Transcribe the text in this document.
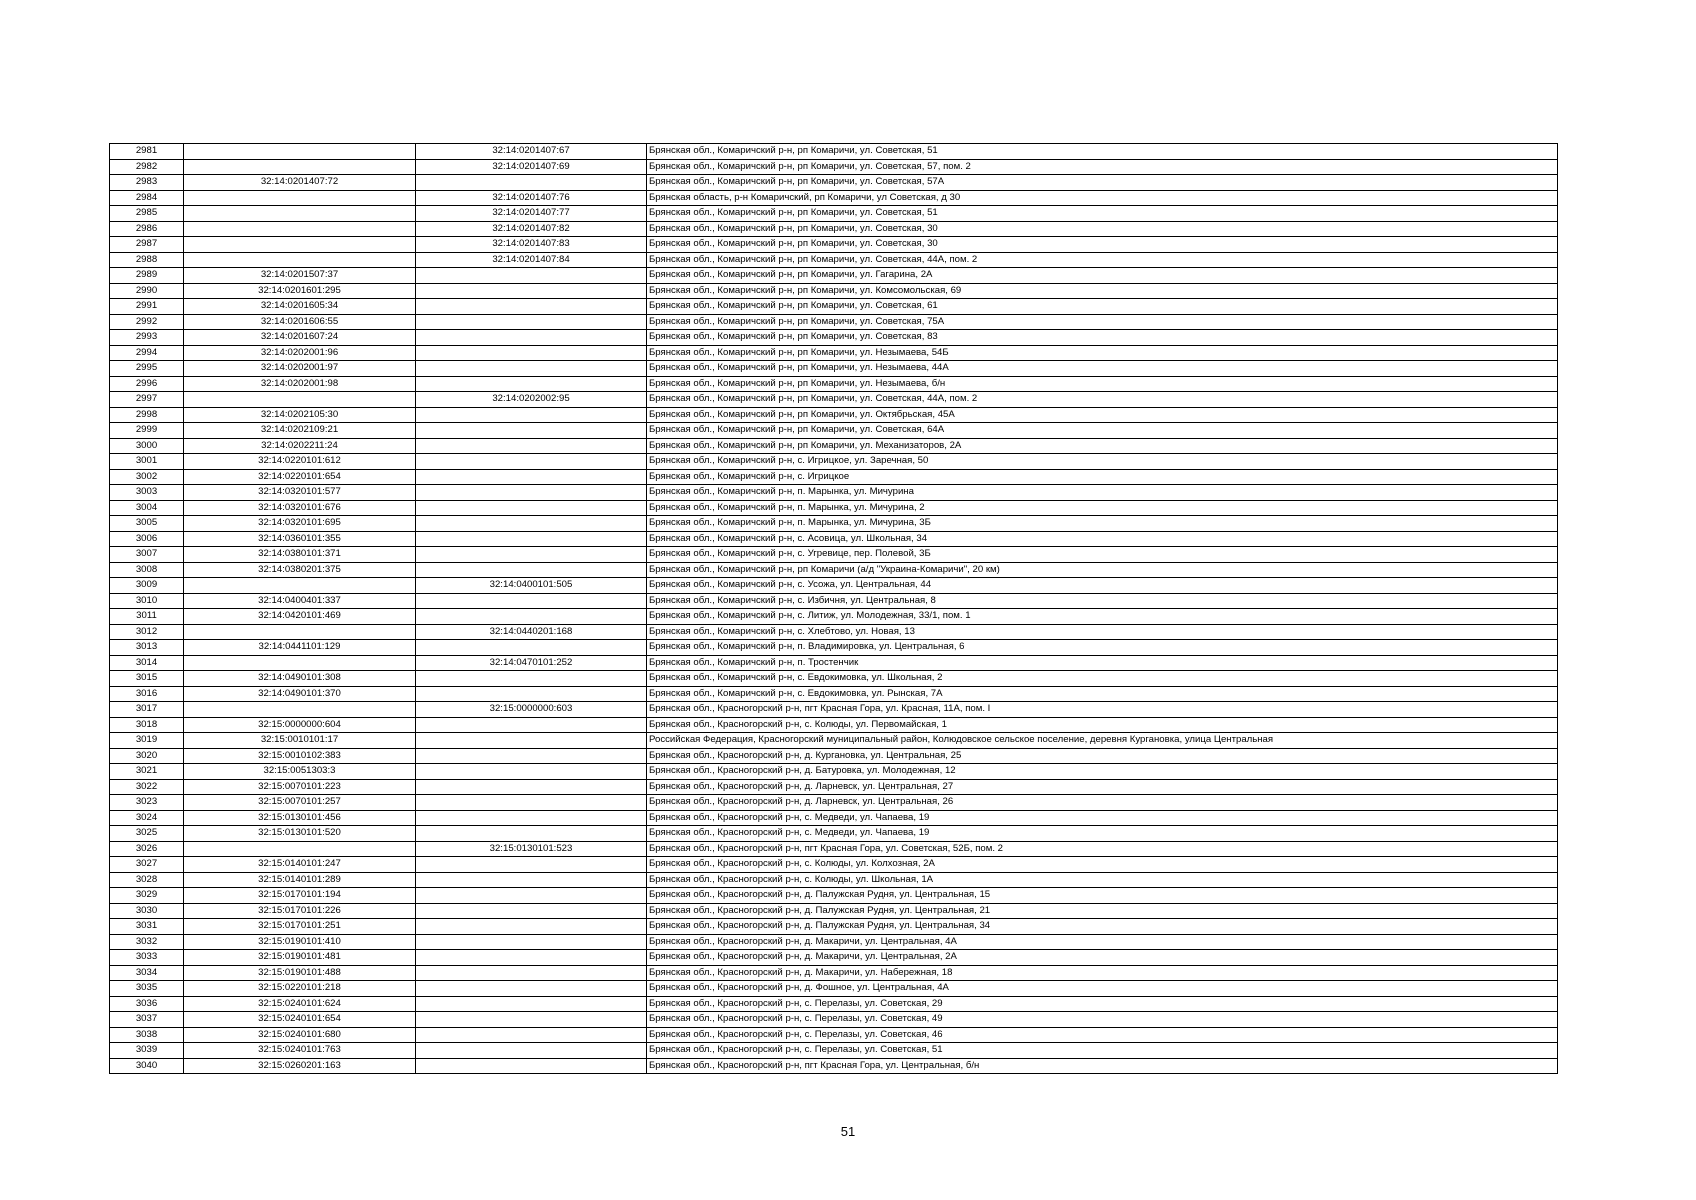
2981		32:14:0201407:67	Брянская обл., Комаричский р-н, рп Комаричи, ул. Советская, 51
2982		32:14:0201407:69	Брянская обл., Комаричский р-н, рп Комаричи, ул. Советская, 57, пом. 2
2983	32:14:0201407:72		Брянская обл., Комаричский р-н, рп Комаричи, ул. Советская, 57А
2984		32:14:0201407:76	Брянская область, р-н Комаричский, рп Комаричи, ул Советская, д 30
2985		32:14:0201407:77	Брянская обл., Комаричский р-н, рп Комаричи, ул. Советская, 51
2986		32:14:0201407:82	Брянская обл., Комаричский р-н, рп Комаричи, ул. Советская, 30
2987		32:14:0201407:83	Брянская обл., Комаричский р-н, рп Комаричи, ул. Советская, 30
2988		32:14:0201407:84	Брянская обл., Комаричский р-н, рп Комаричи, ул. Советская, 44А, пом. 2
2989	32:14:0201507:37		Брянская обл., Комаричский р-н, рп Комаричи, ул. Гагарина, 2А
2990	32:14:0201601:295		Брянская обл., Комаричский р-н, рп Комаричи, ул. Комсомольская, 69
2991	32:14:0201605:34		Брянская обл., Комаричский р-н, рп Комаричи, ул. Советская, 61
2992	32:14:0201606:55		Брянская обл., Комаричский р-н, рп Комаричи, ул. Советская, 75А
2993	32:14:0201607:24		Брянская обл., Комаричский р-н, рп Комаричи, ул. Советская, 83
2994	32:14:0202001:96		Брянская обл., Комаричский р-н, рп Комаричи, ул. Незымаева, 54Б
2995	32:14:0202001:97		Брянская обл., Комаричский р-н, рп Комаричи, ул. Незымаева, 44А
2996	32:14:0202001:98		Брянская обл., Комаричский р-н, рп Комаричи, ул. Незымаева, б/н
2997		32:14:0202002:95	Брянская обл., Комаричский р-н, рп Комаричи, ул. Советская, 44А, пом. 2
2998	32:14:0202105:30		Брянская обл., Комаричский р-н, рп Комаричи, ул. Октябрьская, 45А
2999	32:14:0202109:21		Брянская обл., Комаричский р-н, рп Комаричи, ул. Советская, 64А
3000	32:14:0202211:24		Брянская обл., Комаричский р-н, рп Комаричи, ул. Механизаторов, 2А
3001	32:14:0220101:612		Брянская обл., Комаричский р-н, с. Игрицкое, ул. Заречная, 50
3002	32:14:0220101:654		Брянская обл., Комаричский р-н, с. Игрицкое
3003	32:14:0320101:577		Брянская обл., Комаричский р-н, п. Марынка, ул. Мичурина
3004	32:14:0320101:676		Брянская обл., Комаричский р-н, п. Марынка, ул. Мичурина, 2
3005	32:14:0320101:695		Брянская обл., Комаричский р-н, п. Марынка, ул. Мичурина, 3Б
3006	32:14:0360101:355		Брянская обл., Комаричский р-н, с. Асовица, ул. Школьная, 34
3007	32:14:0380101:371		Брянская обл., Комаричский р-н, с. Угревице, пер. Полевой, 3Б
3008	32:14:0380201:375		Брянская обл., Комаричский р-н, рп Комаричи (а/д "Украина-Комаричи", 20 км)
3009		32:14:0400101:505	Брянская обл., Комаричский р-н, с. Усожа, ул. Центральная, 44
3010	32:14:0400401:337		Брянская обл., Комаричский р-н, с. Избичня, ул. Центральная, 8
3011	32:14:0420101:469		Брянская обл., Комаричский р-н, с. Литиж, ул. Молодежная, 33/1, пом. 1
3012		32:14:0440201:168	Брянская обл., Комаричский р-н, с. Хлебтово, ул. Новая, 13
3013	32:14:0441101:129		Брянская обл., Комаричский р-н, п. Владимировка, ул. Центральная, 6
3014		32:14:0470101:252	Брянская обл., Комаричский р-н, п. Тростенчик
3015	32:14:0490101:308		Брянская обл., Комаричский р-н, с. Евдокимовка, ул. Школьная, 2
3016	32:14:0490101:370		Брянская обл., Комаричский р-н, с. Евдокимовка, ул. Рынская, 7А
3017		32:15:0000000:603	Брянская обл., Красногорский р-н, пгт Красная Гора, ул. Красная, 11А, пом. I
3018	32:15:0000000:604		Брянская обл., Красногорский р-н, с. Колюды, ул. Первомайская, 1
3019	32:15:0010101:17		Российская Федерация, Красногорский муниципальный район, Колюдовское сельское поселение, деревня Кургановка, улица Центральная
3020	32:15:0010102:383		Брянская обл., Красногорский р-н, д. Кургановка, ул. Центральная, 25
3021	32:15:0051303:3		Брянская обл., Красногорский р-н, д. Батуровка, ул. Молодежная, 12
3022	32:15:0070101:223		Брянская обл., Красногорский р-н, д. Ларневск, ул. Центральная, 27
3023	32:15:0070101:257		Брянская обл., Красногорский р-н, д. Ларневск, ул. Центральная, 26
3024	32:15:0130101:456		Брянская обл., Красногорский р-н, с. Медведи, ул. Чапаева, 19
3025	32:15:0130101:520		Брянская обл., Красногорский р-н, с. Медведи, ул. Чапаева, 19
3026		32:15:0130101:523	Брянская обл., Красногорский р-н, пгт Красная Гора, ул. Советская, 52Б, пом. 2
3027	32:15:0140101:247		Брянская обл., Красногорский р-н, с. Колюды, ул. Колхозная, 2А
3028	32:15:0140101:289		Брянская обл., Красногорский р-н, с. Колюды, ул. Школьная, 1А
3029	32:15:0170101:194		Брянская обл., Красногорский р-н, д. Палужская Рудня, ул. Центральная, 15
3030	32:15:0170101:226		Брянская обл., Красногорский р-н, д. Палужская Рудня, ул. Центральная, 21
3031	32:15:0170101:251		Брянская обл., Красногорский р-н, д. Палужская Рудня, ул. Центральная, 34
3032	32:15:0190101:410		Брянская обл., Красногорский р-н, д. Макаричи, ул. Центральная, 4А
3033	32:15:0190101:481		Брянская обл., Красногорский р-н, д. Макаричи, ул. Центральная, 2А
3034	32:15:0190101:488		Брянская обл., Красногорский р-н, д. Макаричи, ул. Набережная, 18
3035	32:15:0220101:218		Брянская обл., Красногорский р-н, д. Фошное, ул. Центральная, 4А
3036	32:15:0240101:624		Брянская обл., Красногорский р-н, с. Перелазы, ул. Советская, 29
3037	32:15:0240101:654		Брянская обл., Красногорский р-н, с. Перелазы, ул. Советская, 49
3038	32:15:0240101:680		Брянская обл., Красногорский р-н, с. Перелазы, ул. Советская, 46
3039	32:15:0240101:763		Брянская обл., Красногорский р-н, с. Перелазы, ул. Советская, 51
3040	32:15:0260201:163		Брянская обл., Красногорский р-н, пгт Красная Гора, ул. Центральная, б/н
51
